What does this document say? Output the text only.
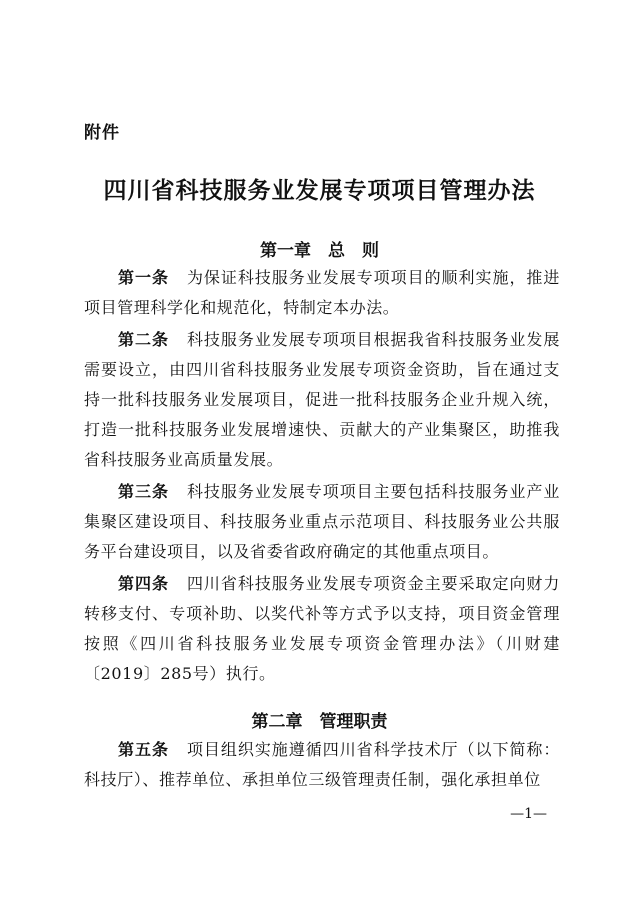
附件
四川省科技服务业发展专项项目管理办法
第一章　总　则
第一条 为保证科技服务业发展专项项目的顺利实施，推进项目管理科学化和规范化，特制定本办法。
第二条 科技服务业发展专项项目根据我省科技服务业发展需要设立，由四川省科技服务业发展专项资金资助，旨在通过支持一批科技服务业发展项目，促进一批科技服务企业升规入统，打造一批科技服务业发展增速快、贡献大的产业集聚区，助推我省科技服务业高质量发展。
第三条 科技服务业发展专项项目主要包括科技服务业产业集聚区建设项目、科技服务业重点示范项目、科技服务业公共服务平台建设项目，以及省委省政府确定的其他重点项目。
第四条 四川省科技服务业发展专项资金主要采取定向财力转移支付、专项补助、以奖代补等方式予以支持，项目资金管理按照《四川省科技服务业发展专项资金管理办法》（川财建〔2019〕285号）执行。
第二章　管理职责
第五条 项目组织实施遵循四川省科学技术厅（以下简称：科技厅）、推荐单位、承担单位三级管理责任制，强化承担单位
—1—
